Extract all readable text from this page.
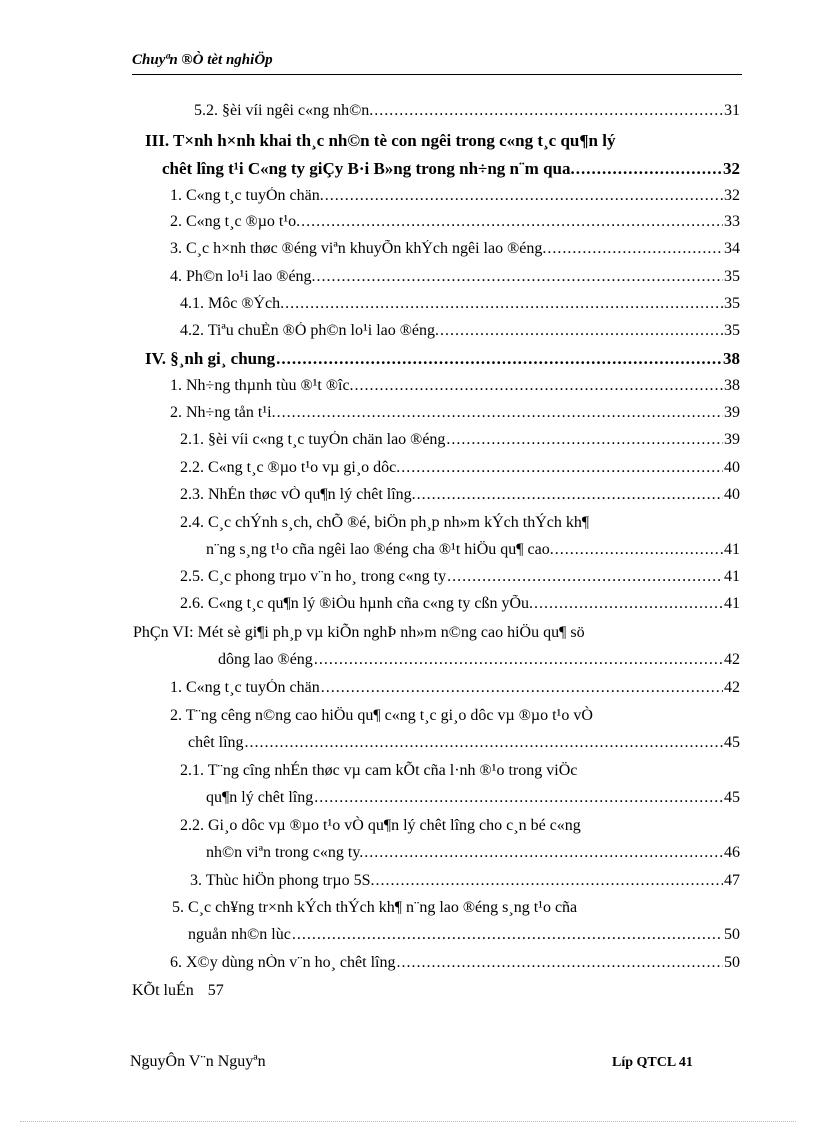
Chuyªn ®Ò tèt nghiÖp
5.2. §èi víi ngêi c«ng nh©n. .....	31
III. T×nh h×nh khai th¸c nh©n tè con ngêi trong c«ng t¸c qu¶n lý
chêt lîng t¹i C«ng ty giÇy B·i B»ng trong nh÷ng n¨m qua. .....	32
1. C«ng t¸c tuyÓn chän. .....	32
2. C«ng t¸c ®µo t¹o. .....	33
3. C¸c h×nh thøc ®éng viªn khuyÕn khÝch ngêi lao ®éng. .....	34
4. Ph©n lo¹i lao ®éng. .....	35
4.1. Môc ®Ých. .....	35
4.2. Tiªu chuÈn ®Ó ph©n lo¹i lao ®éng. .....	35
IV. §¸nh gi¸ chung .....	38
1. Nh÷ng thµnh tùu ®¹t ®îc. .....	38
2. Nh÷ng tån t¹i. .....	39
2.1. §èi víi c«ng t¸c tuyÓn chän lao ®éng .....	39
2.2. C«ng t¸c ®µo t¹o vµ gi¸o dôc. .....	40
2.3. NhÉn thøc vÒ qu¶n lý chêt lîng. .....	40
2.4. C¸c chÝnh s¸ch, chÕ ®é, biÖn ph¸p nh»m kÝch thÝch kh¶
n¨ng s¸ng t¹o cña ngêi lao ®éng cha ®¹t hiÖu qu¶ cao. .....	41
2.5. C¸c phong trµo v¨n ho¸ trong c«ng ty .....	41
2.6. C«ng t¸c qu¶n lý ®iÒu hµnh cña c«ng ty cßn yÕu. .....	41
PhÇn VI: Mét sè gi¶i ph¸p vµ kiÕn nghÞ nh»m n©ng cao hiÖu qu¶ sö
dông lao ®éng .....	42
1. C«ng t¸c tuyÓn chän .....	42
2. T¨ng cêng n©ng cao hiÖu qu¶ c«ng t¸c gi¸o dôc vµ ®µo t¹o vÒ
chêt lîng .....	45
2.1. T¨ng cîng nhÉn thøc vµ cam kÕt cña l·nh ®¹o trong viÖc
qu¶n lý chêt lîng .....	45
2.2. Gi¸o dôc vµ ®µo t¹o vÒ qu¶n lý chêt lîng cho c¸n bé c«ng
nh©n viªn trong c«ng ty. .....	46
3. Thùc hiÖn phong trµo 5S. .....	47
5. C¸c ch¥ng tr×nh kÝch thÝch kh¶ n¨ng lao ®éng s¸ng t¹o cña
nguån nh©n lùc .....	50
6. X©y dùng nÒn v¨n ho¸ chêt lîng .....	50
KÕt luÉn 57
NguyÔn V¨n Nguyªn	Líp QTCL 41
